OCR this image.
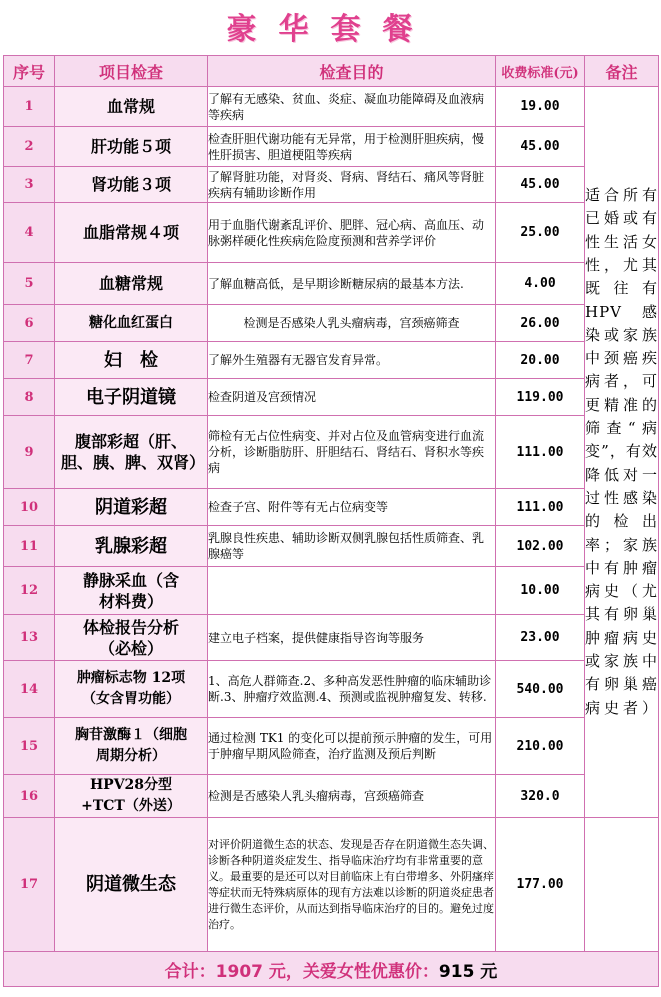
豪华套餐
序号	项目检查	检查目的	收费标准(元)	备注
1	血常规	了解有无感染、贫血、炎症、凝血功能障碍及血液病等疾病	19.00	适合所有已婚或有性生活女性，尤其既往有 HPV 感染或家族中颈癌疾病者，可更精准的筛查“病变”，有效降低对一过性感染的检出率；家族中有肿瘤病史（尤其有卵巢肿瘤病史或家族中有卵巢癌病史者）
2	肝功能５项	检查肝胆代谢功能有无异常，用于检测肝胆疾病，慢性肝损害、胆道梗阻等疾病	45.00	
3	肾功能３项	了解肾脏功能，对肾炎、肾病、肾结石、痛风等肾脏疾病有辅助诊断作用	45.00	
4	血脂常规４项	用于血脂代谢紊乱评价、肥胖、冠心病、高血压、动脉粥样硬化性疾病危险度预测和营养学评价	25.00	
5	血糖常规	了解血糖高低，是早期诊断糖尿病的最基本方法.	4.00	
6	糖化血红蛋白	检测是否感染人乳头瘤病毒，宫颈癌筛查	26.00	
7	妇　检	了解外生殖器有无器官发育异常。	20.00	
8	电子阴道镜	检查阴道及宫颈情况	119.00	
9	腹部彩超（肝、胆、胰、脾、双肾）	筛检有无占位性病变、并对占位及血管病变进行血流分析，诊断脂肪肝、肝胆结石、肾结石、肾积水等疾病	111.00	
10	阴道彩超	检查子宫、附件等有无占位病变等	111.00	
11	乳腺彩超	乳腺良性疾患、辅助诊断双侧乳腺包括性质筛查、乳腺癌等	102.00	
12	静脉采血（含材料费）		10.00	
13	体检报告分析（必检）	建立电子档案，提供健康指导咨询等服务	23.00	
14	肿瘤标志物 12项（女含胃功能）	1、高危人群筛查.2、多种高发恶性肿瘤的临床辅助诊断.3、肿瘤疗效监测.4、预测或监视肿瘤复发、转移.	540.00	
15	胸苷激酶１（细胞周期分析）	通过检测 TK1 的变化可以提前预示肿瘤的发生，可用于肿瘤早期风险筛查，治疗监测及预后判断	210.00	
16	HPV28分型+TCT（外送）	检测是否感染人乳头瘤病毒，宫颈癌筛查	320.0	
17	阴道微生态	对评价阴道微生态的状态、发现是否存在阴道微生态失调、诊断各种阴道炎症发生、指导临床治疗均有非常重要的意义。最重要的是还可以对目前临床上有白带增多、外阴瘙痒等症状而无特殊病原体的现有方法难以诊断的阴道炎症患者进行微生态评价，从而达到指导临床治疗的目的。避免过度治疗。	177.00	
合计：1907 元，关爱女性优惠价：915 元				
